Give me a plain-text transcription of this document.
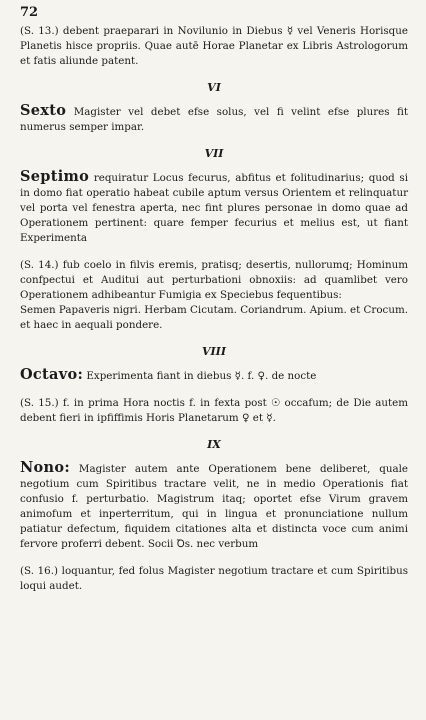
72

(S. 13.) debent praeparari in Novilunio in Diebus ☿ vel Veneris Horisque Planetis hisce propriis. Quae autē Horae Planetar ex Libris Astrologorum et fatis aliunde patent.

VI

Sexto Magister vel debet efse solus, vel fi velint efse plures fit numerus semper impar.

VII

Septimo requiratur Locus fecurus, abfitus et folitudinarius; quod si in domo fiat operatio habeat cubile aptum versus Orientem et relinquatur vel porta vel fenestra aperta, nec fint plures personae in domo quae ad Operationem pertinent: quare femper fecurius et melius est, ut fiant Experimenta

(S. 14.) fub coelo in filvis eremis, pratisq; desertis, nullorumq; Hominum confpectui et Auditui aut perturbationi obnoxiis: ad quamlibet vero Operationem adhibeantur Fumigia ex Speciebus fequentibus:

Semen Papaveris nigri. Herbam Cicutam. Coriandrum. Apium. et Crocum. et haec in aequali pondere.

VIII

Octavo: Experimenta fiant in diebus ☿. f. ♀. de nocte

(S. 15.) f. in prima Hora noctis f. in fexta post ☉ occafum; de Die autem debent fieri in ipfiffimis Horis Planetarum ♀ et ☿.

IX

Nono: Magister autem ante Operationem bene deliberet, quale negotium cum Spiritibus tractare velit, ne in medio Operationis fiat confusio f. perturbatio. Magistrum itaq; oportet efse Virum gravem animofum et inperterritum, qui in lingua et pronunciatione nullum patiatur defectum, fiquidem citationes alta et distincta voce cum animi fervore proferri debent. Socii Ꝺs. nec verbum

(S. 16.) loquantur, fed folus Magister negotium tractare et cum Spiritibus loqui audet.
